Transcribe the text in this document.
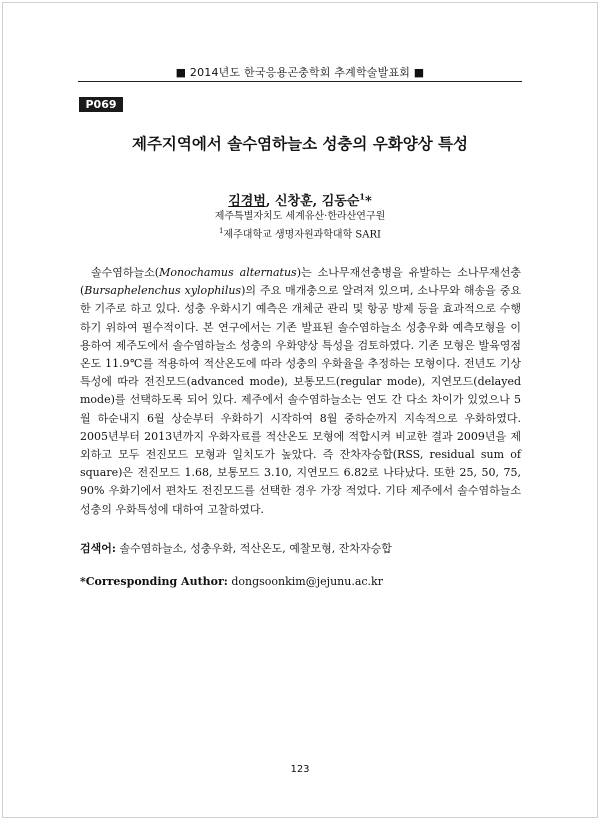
■ 2014년도 한국응용곤충학회 추계학술발표회 ■
P069
제주지역에서 솔수염하늘소 성충의 우화양상 특성
김경범, 신창훈, 김동순$^1$*
제주특별자치도 세계유산·한라산연구원
$^1$제주대학교 생명자원과학대학 SARI

솔수염하늘소(Monochamus alternatus)는 소나무재선충병을 유발하는 소나무재선충(Bursaphelenchus xylophilus)의 주요 매개충으로 알려져 있으며, 소나무와 해송을 중요한 기주로 하고 있다. 성충 우화시기 예측은 개체군 관리 및 항공 방제 등을 효과적으로 수행하기 위하여 필수적이다. 본 연구에서는 기존 발표된 솔수염하늘소 성충우화 예측모형을 이용하여 제주도에서 솔수염하늘소 성충의 우화양상 특성을 검토하였다. 기존 모형은 발육영점온도 11.9℃를 적용하여 적산온도에 따라 성충의 우화율을 추정하는 모형이다. 전년도 기상특성에 따라 전진모드(advanced mode), 보통모드(regular mode), 지연모드(delayed mode)를 선택하도록 되어 있다. 제주에서 솔수염하늘소는 연도 간 다소 차이가 있었으나 5월 하순내지 6월 상순부터 우화하기 시작하여 8월 중하순까지 지속적으로 우화하였다. 2005년부터 2013년까지 우화자료를 적산온도 모형에 적합시켜 비교한 결과 2009년을 제외하고 모두 전진모드 모형과 일치도가 높았다. 즉 잔차자승합(RSS, residual sum of square)은 전진모드 1.68, 보통모드 3.10, 지연모드 6.82로 나타났다. 또한 25, 50, 75, 90% 우화기에서 편차도 전진모드를 선택한 경우 가장 적었다. 기타 제주에서 솔수염하늘소 성충의 우화특성에 대하여 고찰하였다.

검색어: 솔수염하늘소, 성충우화, 적산온도, 예찰모형, 잔차자승합
*Corresponding Author: dongsoonkim@jejunu.ac.kr
123
